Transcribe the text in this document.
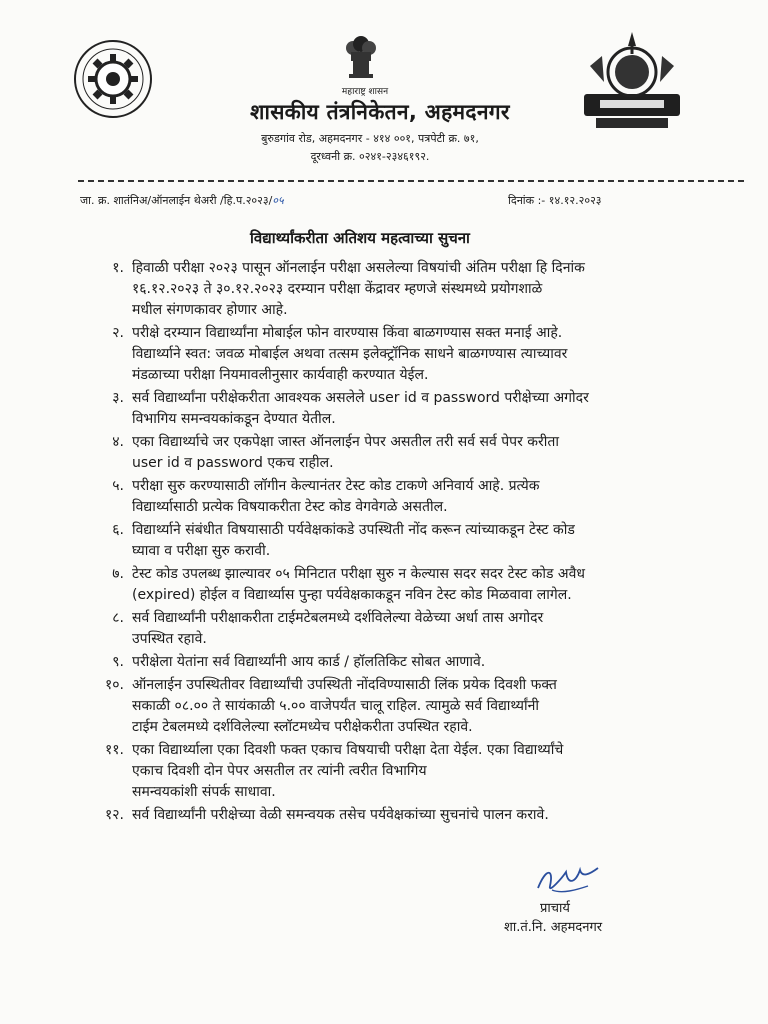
महाराष्ट्र शासन
शासकीय तंत्रनिकेतन, अहमदनगर
बुरुडगांव रोड, अहमदनगर - ४१४ ००१, पत्रपेटी क्र. ७१,
दूरध्वनी क्र. ०२४१-२३४६१९२.
जा. क्र. शातंनिअ/ऑनलाईन थेअरी /हि.प.२०२३/०५	दिनांक :- १४.१२.२०२३
विद्यार्थ्यांकरीता अतिशय महत्वाच्या सुचना
१. हिवाळी परीक्षा २०२३ पासून ऑनलाईन परीक्षा असलेल्या विषयांची अंतिम परीक्षा हि दिनांक
१६.१२.२०२३ ते ३०.१२.२०२३ दरम्यान परीक्षा केंद्रावर म्हणजे संस्थमध्ये प्रयोगशाळे
मधील संगणकावर होणार आहे.
२. परीक्षे दरम्यान विद्यार्थ्यांना मोबाईल फोन वारण्यास किंवा बाळगण्यास सक्त मनाई आहे.
विद्यार्थ्याने स्वत: जवळ मोबाईल अथवा तत्सम इलेक्ट्रॉनिक साधने बाळगण्यास त्याच्यावर
मंडळाच्या परीक्षा नियमावलीनुसार कार्यवाही करण्यात येईल.
३. सर्व विद्यार्थ्यांना परीक्षेकरीता आवश्यक असलेले user id व password परीक्षेच्या अगोदर
विभागिय समन्वयकांकडून देण्यात येतील.
४. एका विद्यार्थ्याचे जर एकपेक्षा जास्त ऑनलाईन पेपर असतील तरी सर्व सर्व पेपर करीता
user id व password एकच राहील.
५. परीक्षा सुरु करण्यासाठी लॉगीन केल्यानंतर टेस्ट कोड टाकणे अनिवार्य आहे. प्रत्येक
विद्यार्थ्यासाठी प्रत्येक विषयाकरीता टेस्ट कोड वेगवेगळे असतील.
६. विद्यार्थ्याने संबंधीत विषयासाठी पर्यवेक्षकांकडे उपस्थिती नोंद करून त्यांच्याकडून टेस्ट कोड
घ्यावा व परीक्षा सुरु करावी.
७. टेस्ट कोड उपलब्ध झाल्यावर ०५ मिनिटात परीक्षा सुरु न केल्यास सदर सदर टेस्ट कोड अवैध
(expired) होईल व विद्यार्थ्यास पुन्हा पर्यवेक्षकाकडून नविन टेस्ट कोड मिळवावा लागेल.
८. सर्व विद्यार्थ्यांनी परीक्षाकरीता टाईमटेबलमध्ये दर्शविलेल्या वेळेच्या अर्धा तास अगोदर
उपस्थित रहावे.
९. परीक्षेला येतांना सर्व विद्यार्थ्यांनी आय कार्ड / हॉलतिकिट सोबत आणावे.
१०. ऑनलाईन उपस्थितीवर विद्यार्थ्यांची उपस्थिती नोंदविण्यासाठी लिंक प्रयेक दिवशी फक्त
सकाळी ०८.०० ते सायंकाळी ५.०० वाजेपर्यंत चालू राहिल. त्यामुळे सर्व विद्यार्थ्यांनी
टाईम टेबलमध्ये दर्शविलेल्या स्लॉटमध्येच परीक्षेकरीता उपस्थित रहावे.
११. एका विद्यार्थ्याला एका दिवशी फक्त एकाच विषयाची परीक्षा देता येईल. एका विद्यार्थ्यांचे
एकाच दिवशी दोन पेपर असतील तर त्यांनी त्वरीत विभागिय
समन्वयकांशी संपर्क साधावा.
१२. सर्व विद्यार्थ्यांनी परीक्षेच्या वेळी समन्वयक तसेच पर्यवेक्षकांच्या सुचनांचे पालन करावे.
प्राचार्य
शा.तं.नि. अहमदनगर
